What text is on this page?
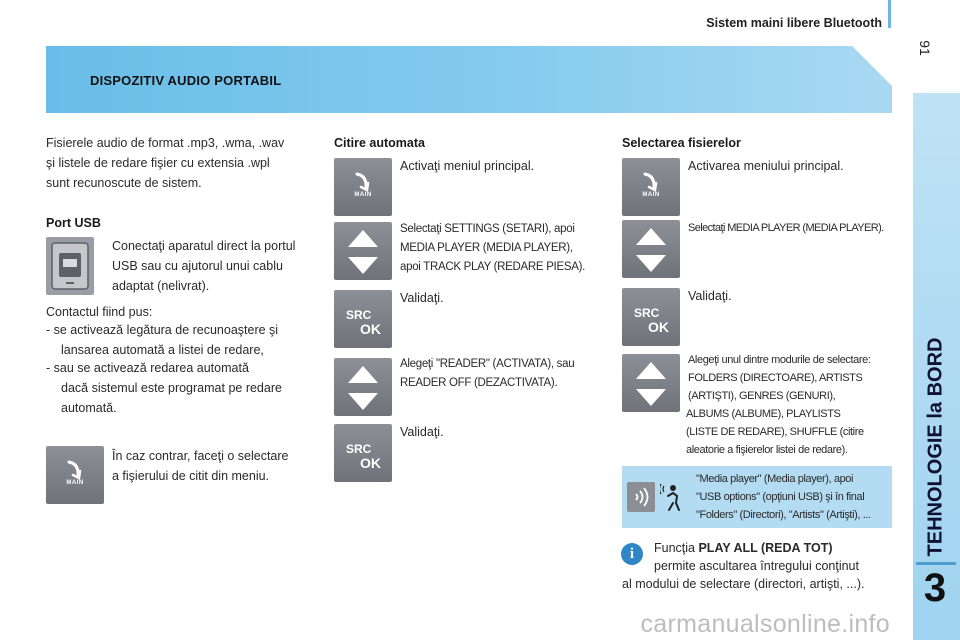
Sistem maini libere Bluetooth
91
DISPOZITIV AUDIO PORTABIL
TEHNOLOGIE la BORD
3
Fisierele audio de format .mp3, .wma, .wav
şi listele de redare fişier cu extensia .wpl
sunt recunoscute de sistem.
Port USB
Conectaţi aparatul direct la portul
USB sau cu ajutorul unui cablu
adaptat (nelivrat).
Contactul fiind pus:
- se activează legătura de recunoaştere şi
lansarea automată a listei de redare,
- sau se activează redarea automată
dacă sistemul este programat pe redare
automată.
MAIN
În caz contrar, faceţi o selectare
a fişierului de citit din meniu.
Citire automata
MAIN
Activaţi meniul principal.
Selectaţi SETTINGS (SETARI), apoi
MEDIA PLAYER (MEDIA PLAYER),
apoi TRACK PLAY (REDARE PIESA).
SRC
OK
Validaţi.
Alegeţi "READER" (ACTIVATA), sau
READER OFF (DEZACTIVATA).
SRC
OK
Validaţi.
Selectarea fisierelor
MAIN
Activarea meniului principal.
Selectaţi MEDIA PLAYER (MEDIA PLAYER).
SRC
OK
Validaţi.
Alegeţi unul dintre modurile de selectare:
FOLDERS (DIRECTOARE), ARTISTS
(ARTIŞTI), GENRES (GENURI),
ALBUMS (ALBUME), PLAYLISTS
(LISTE DE REDARE), SHUFFLE (citire
aleatorie a fişierelor listei de redare).
"Media player" (Media player), apoi
"USB options" (opţiuni USB) şi în final
"Folders" (Directori), "Artists" (Artişti), ...
i	Funcţia PLAY ALL (REDA TOT)
permite ascultarea întregului conţinut
al modului de selectare (directori, artişti, ...).
carmanualsonline.info
